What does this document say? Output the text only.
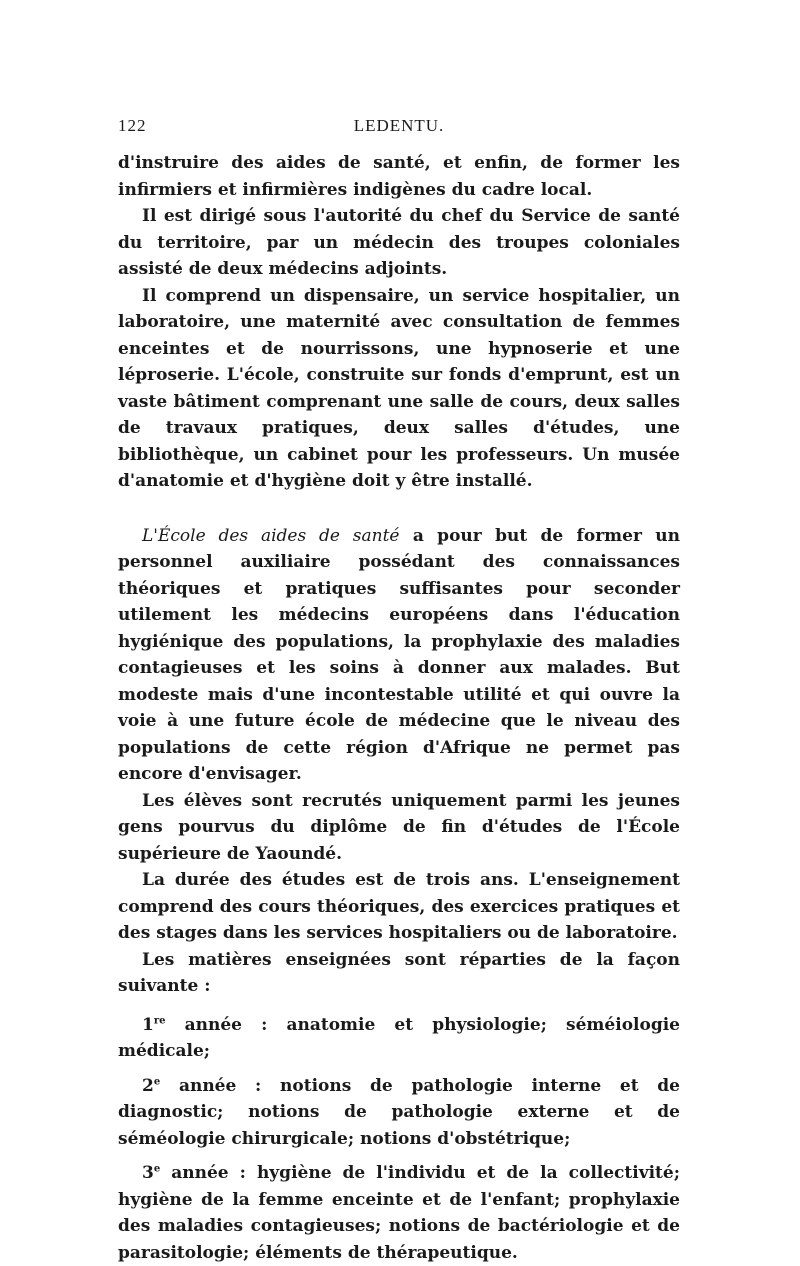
122	LEDENTU.

d'instruire des aides de santé, et enfin, de former les infirmiers et infirmières indigènes du cadre local.

Il est dirigé sous l'autorité du chef du Service de santé du territoire, par un médecin des troupes coloniales assisté de deux médecins adjoints.

Il comprend un dispensaire, un service hospitalier, un laboratoire, une maternité avec consultation de femmes enceintes et de nourrissons, une hypnoserie et une léproserie. L'école, construite sur fonds d'emprunt, est un vaste bâtiment comprenant une salle de cours, deux salles de travaux pratiques, deux salles d'études, une bibliothèque, un cabinet pour les professeurs. Un musée d'anatomie et d'hygiène doit y être installé.

L'École des aides de santé a pour but de former un personnel auxiliaire possédant des connaissances théoriques et pratiques suffisantes pour seconder utilement les médecins européens dans l'éducation hygiénique des populations, la prophylaxie des maladies contagieuses et les soins à donner aux malades. But modeste mais d'une incontestable utilité et qui ouvre la voie à une future école de médecine que le niveau des populations de cette région d'Afrique ne permet pas encore d'envisager.

Les élèves sont recrutés uniquement parmi les jeunes gens pourvus du diplôme de fin d'études de l'École supérieure de Yaoundé.

La durée des études est de trois ans. L'enseignement comprend des cours théoriques, des exercices pratiques et des stages dans les services hospitaliers ou de laboratoire.

Les matières enseignées sont réparties de la façon suivante :

1re année : anatomie et physiologie; séméiologie médicale;

2e année : notions de pathologie interne et de diagnostic; notions de pathologie externe et de séméologie chirurgicale; notions d'obstétrique;

3e année : hygiène de l'individu et de la collectivité; hygiène de la femme enceinte et de l'enfant; prophylaxie des maladies contagieuses; notions de bactériologie et de parasitologie; éléments de thérapeutique.
